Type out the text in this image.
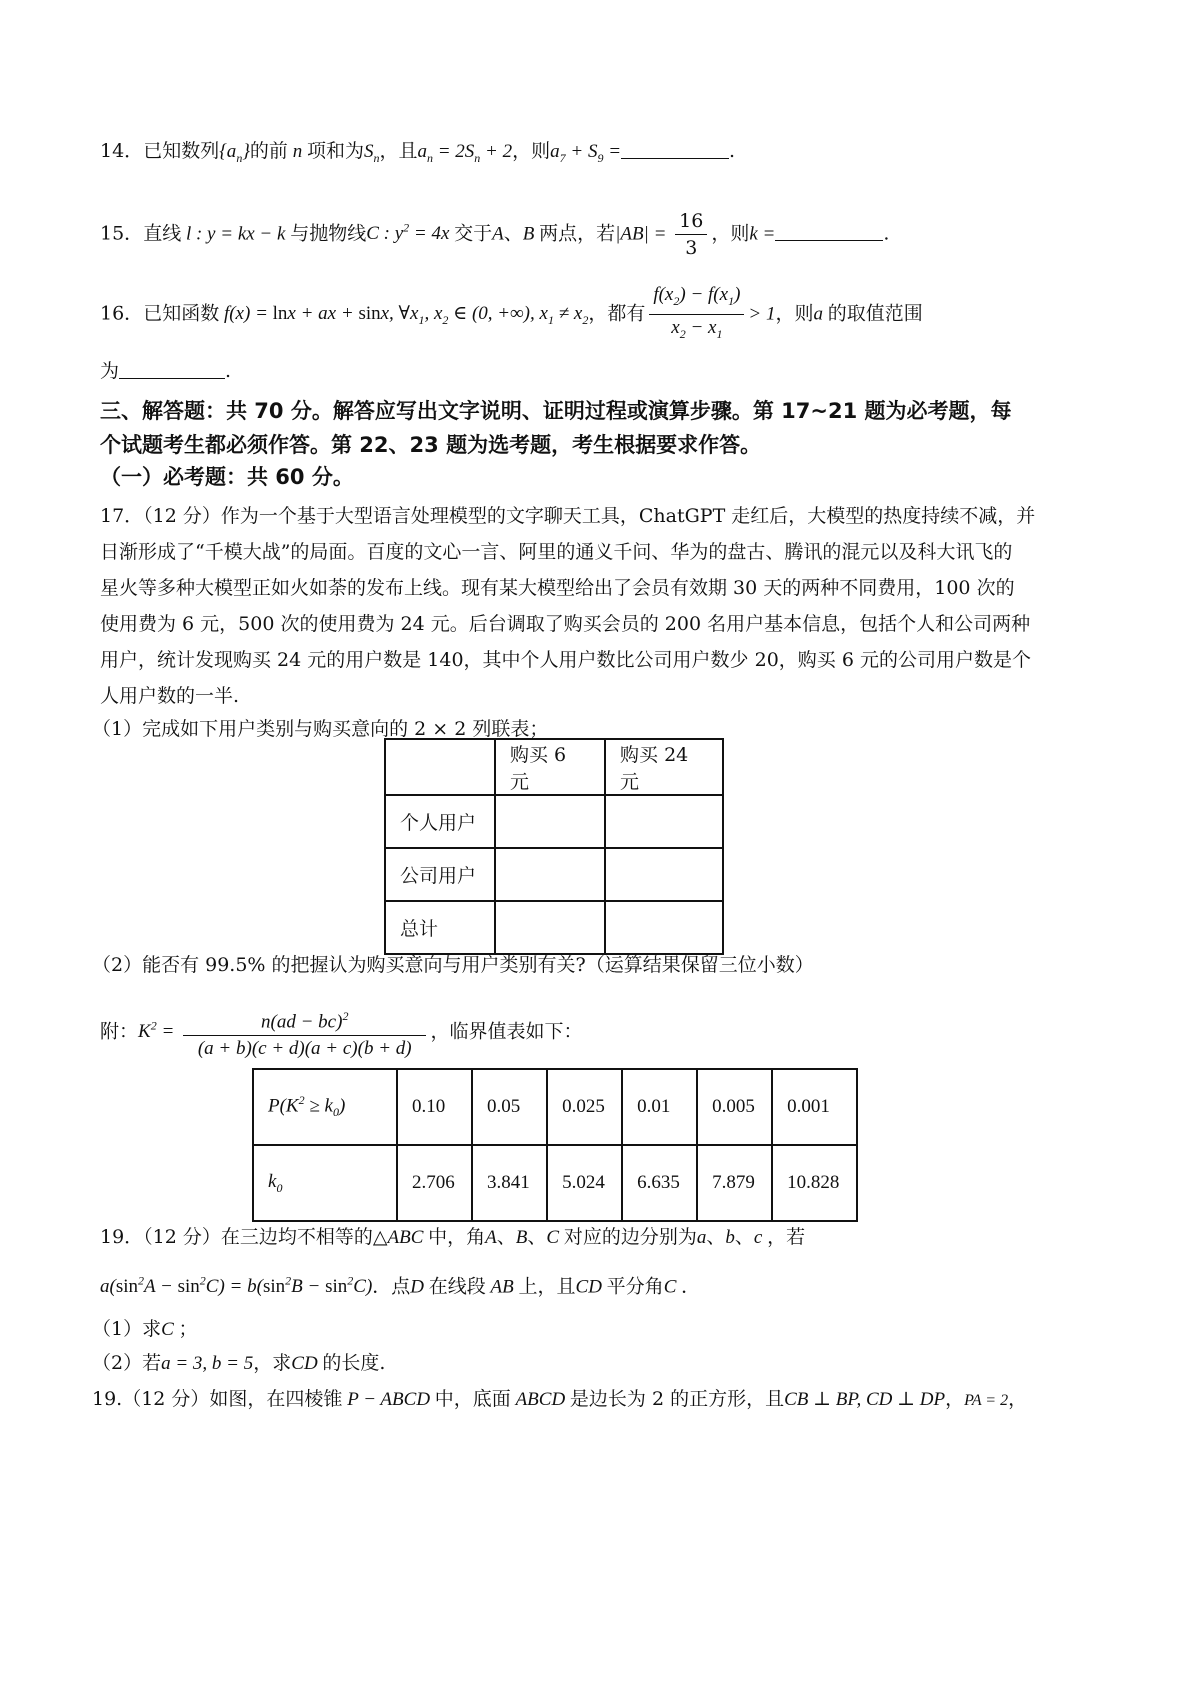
14．已知数列$\{a_n\}$的前 n 项和为$S_n$，且$a_n = 2S_n + 2$，则$a_7 + S_9$ =	.
15．直线 l : y = kx − k 与抛物线C : $y^2 = 4x$ 交于A、B 两点，若$|AB| = \frac{16}{3}$ ，则k =	.
16．已知函数 f(x) = lnx + ax + sinx, $\forall x_1$, $x_2$ ∈ (0, +∞), $x_1 \ne x_2$，都有 $\frac{f(x_2) - f(x_1)}{x_2 - x_1} > 1$，则a 的取值范围
为	.
三、解答题：共 70 分。解答应写出文字说明、证明过程或演算步骤。第 17~21 题为必考题，每
个试题考生都必须作答。第 22、23 题为选考题，考生根据要求作答。
（一）必考题：共 60 分。
17．（12 分）作为一个基于大型语言处理模型的文字聊天工具，ChatGPT 走红后，大模型的热度持续不减，并
日渐形成了“千模大战”的局面。百度的文心一言、阿里的通义千问、华为的盘古、腾讯的混元以及科大讯飞的
星火等多种大模型正如火如荼的发布上线。现有某大模型给出了会员有效期 30 天的两种不同费用，100 次的
使用费为 6 元，500 次的使用费为 24 元。后台调取了购买会员的 200 名用户基本信息，包括个人和公司两种
用户，统计发现购买 24 元的用户数是 140，其中个人用户数比公司用户数少 20，购买 6 元的公司用户数是个
人用户数的一半.
（1）完成如下用户类别与购买意向的 2 × 2 列联表；
	购买 6 元	购买 24 元
个人用户		
公司用户		
总计		
（2）能否有 99.5% 的把握认为购买意向与用户类别有关?（运算结果保留三位小数）
附：$K^2 = \frac{n(ad - bc)^2}{(a + b)(c + d)(a + c)(b + d)}$ ，临界值表如下：
$P(K^2 \ge k_0)$	0.10	0.05	0.025	0.01	0.005	0.001
$k_0$	2.706	3.841	5.024	6.635	7.879	10.828
19．（12 分）在三边均不相等的△ABC 中，角A、B、C 对应的边分别为a、b、c ，若
$a(\sin^2A - \sin^2C) = b(\sin^2B - \sin^2C)$．点D 在线段 AB 上，且CD 平分角C ．
（1）求C ；
（2）若a = 3, b = 5，求CD 的长度.
19.（12 分）如图，在四棱锥 P − ABCD 中，底面 ABCD 是边长为 2 的正方形，且CB ⊥ BP, CD ⊥ DP，PA = 2，
